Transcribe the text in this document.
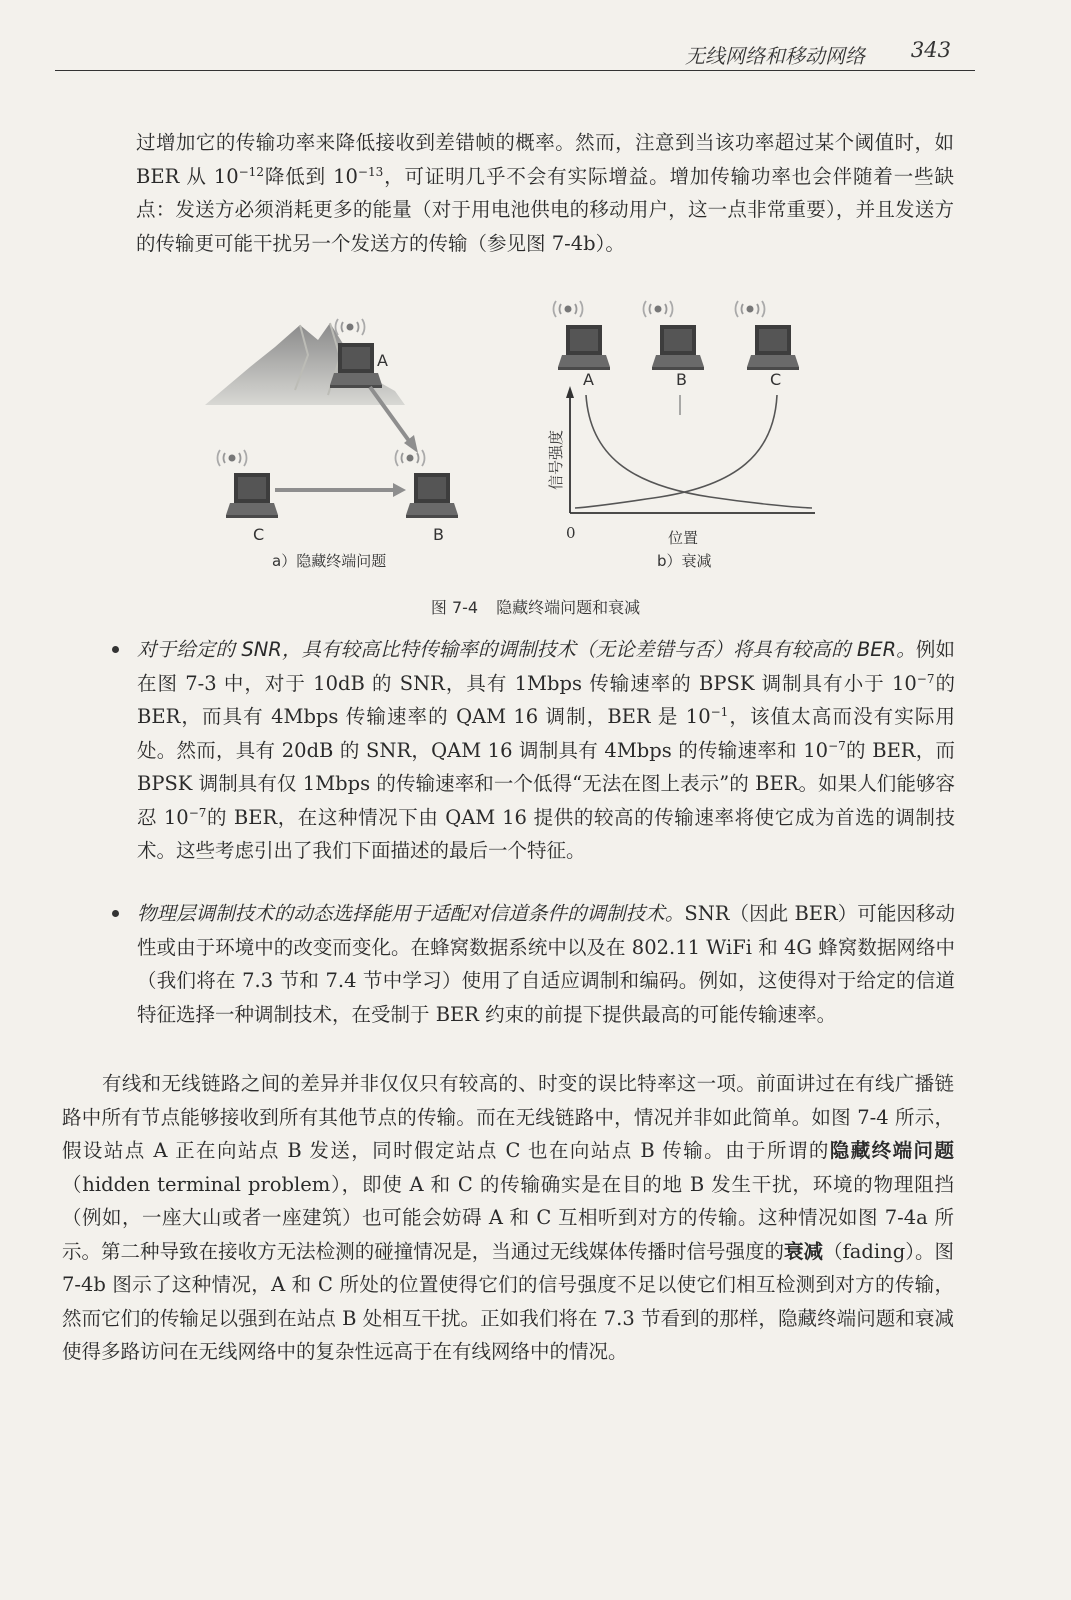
无线网络和移动网络 343

过增加它的传输功率来降低接收到差错帧的概率。然而，注意到当该功率超过某个阈值时，如 BER 从 $10^{-12}$降低到 $10^{-13}$，可证明几乎不会有实际增益。增加传输功率也会伴随着一些缺点：发送方必须消耗更多的能量（对于用电池供电的移动用户，这一点非常重要），并且发送方的传输更可能干扰另一个发送方的传输（参见图 7-4b）。

A
C	B
A	B	C
信号强度
0	位置
a）隐藏终端问题	b）衰减
图 7-4 隐藏终端问题和衰减

对于给定的 SNR，具有较高比特传输率的调制技术（无论差错与否）将具有较高的 BER。例如在图 7-3 中，对于 10dB 的 SNR，具有 1Mbps 传输速率的 BPSK 调制具有小于 $10^{-7}$的 BER，而具有 4Mbps 传输速率的 QAM 16 调制，BER 是 $10^{-1}$，该值太高而没有实际用处。然而，具有 20dB 的 SNR，QAM 16 调制具有 4Mbps 的传输速率和 $10^{-7}$的 BER，而 BPSK 调制具有仅 1Mbps 的传输速率和一个低得“无法在图上表示”的 BER。如果人们能够容忍 $10^{-7}$的 BER，在这种情况下由 QAM 16 提供的较高的传输速率将使它成为首选的调制技术。这些考虑引出了我们下面描述的最后一个特征。

物理层调制技术的动态选择能用于适配对信道条件的调制技术。SNR（因此 BER）可能因移动性或由于环境中的改变而变化。在蜂窝数据系统中以及在 802.11 WiFi 和 4G 蜂窝数据网络中（我们将在 7.3 节和 7.4 节中学习）使用了自适应调制和编码。例如，这使得对于给定的信道特征选择一种调制技术，在受制于 BER 约束的前提下提供最高的可能传输速率。

有线和无线链路之间的差异并非仅仅只有较高的、时变的误比特率这一项。前面讲过在有线广播链路中所有节点能够接收到所有其他节点的传输。而在无线链路中，情况并非如此简单。如图 7-4 所示，假设站点 A 正在向站点 B 发送，同时假定站点 C 也在向站点 B 传输。由于所谓的隐藏终端问题（hidden terminal problem），即使 A 和 C 的传输确实是在目的地 B 发生干扰，环境的物理阻挡（例如，一座大山或者一座建筑）也可能会妨碍 A 和 C 互相听到对方的传输。这种情况如图 7-4a 所示。第二种导致在接收方无法检测的碰撞情况是，当通过无线媒体传播时信号强度的衰减（fading）。图 7-4b 图示了这种情况，A 和 C 所处的位置使得它们的信号强度不足以使它们相互检测到对方的传输，然而它们的传输足以强到在站点 B 处相互干扰。正如我们将在 7.3 节看到的那样，隐藏终端问题和衰减使得多路访问在无线网络中的复杂性远高于在有线网络中的情况。
